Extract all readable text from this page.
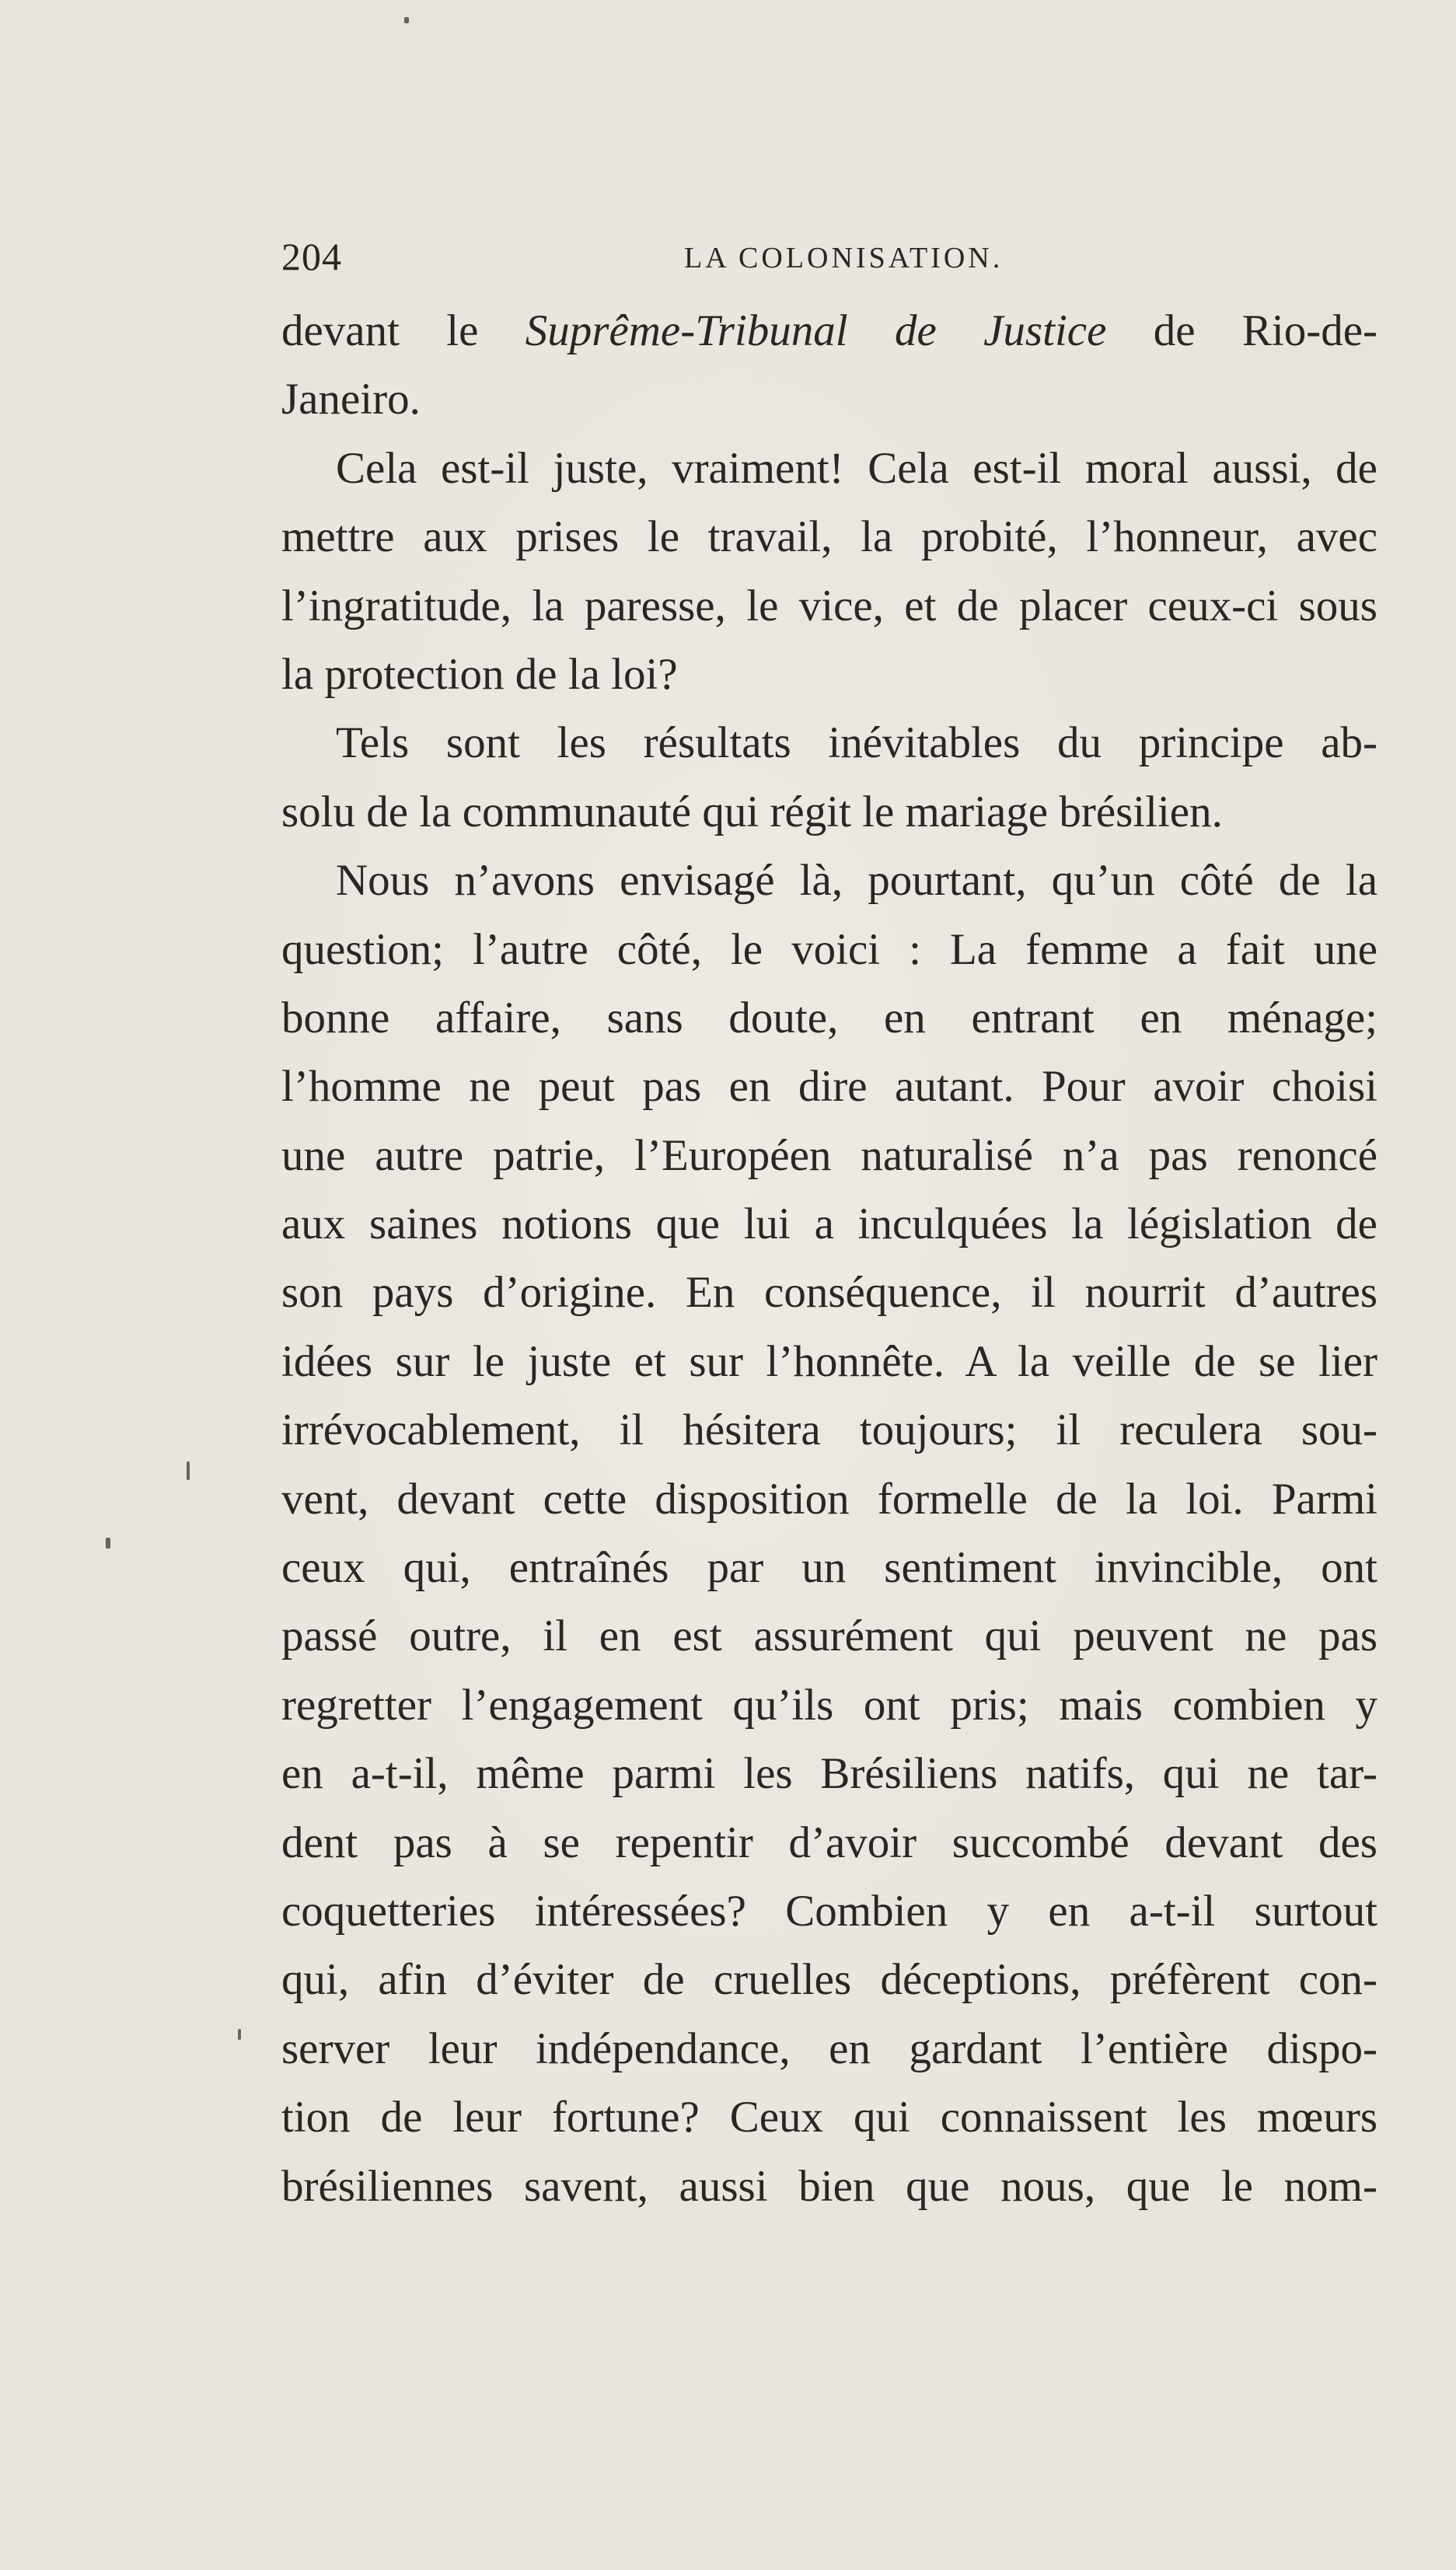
204	LA COLONISATION.
devant le Suprême-Tribunal de Justice de Rio-de-
Janeiro.
Cela est-il juste, vraiment! Cela est-il moral aussi, de
mettre aux prises le travail, la probité, l’honneur, avec
l’ingratitude, la paresse, le vice, et de placer ceux-ci sous
la protection de la loi?
Tels sont les résultats inévitables du principe ab-
solu de la communauté qui régit le mariage brésilien.
Nous n’avons envisagé là, pourtant, qu’un côté de la
question; l’autre côté, le voici : La femme a fait une
bonne affaire, sans doute, en entrant en ménage;
l’homme ne peut pas en dire autant. Pour avoir choisi
une autre patrie, l’Européen naturalisé n’a pas renoncé
aux saines notions que lui a inculquées la législation de
son pays d’origine. En conséquence, il nourrit d’autres
idées sur le juste et sur l’honnête. A la veille de se lier
irrévocablement, il hésitera toujours; il reculera sou-
vent, devant cette disposition formelle de la loi. Parmi
ceux qui, entraînés par un sentiment invincible, ont
passé outre, il en est assurément qui peuvent ne pas
regretter l’engagement qu’ils ont pris; mais combien y
en a-t-il, même parmi les Brésiliens natifs, qui ne tar-
dent pas à se repentir d’avoir succombé devant des
coquetteries intéressées? Combien y en a-t-il surtout
qui, afin d’éviter de cruelles déceptions, préfèrent con-
server leur indépendance, en gardant l’entière dispo-
tion de leur fortune? Ceux qui connaissent les mœurs
brésiliennes savent, aussi bien que nous, que le nom-
